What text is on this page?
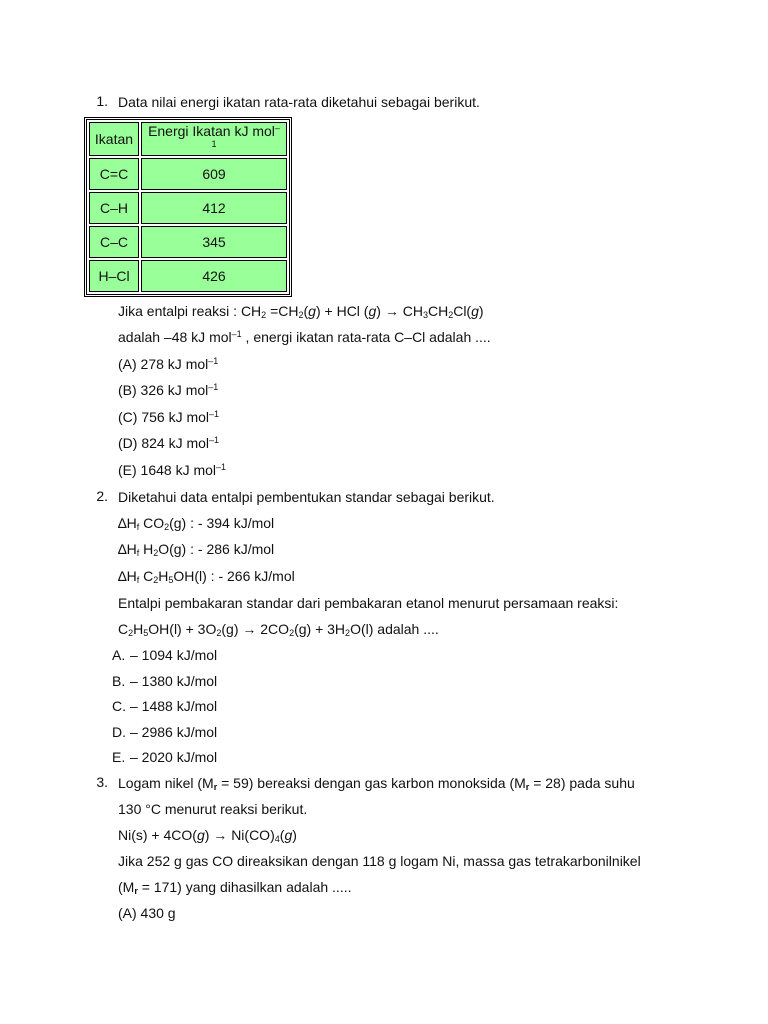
1. Data nilai energi ikatan rata-rata diketahui sebagai berikut.
Ikatan	Energi Ikatan kJ mol$^{-1}$
C=C	609
C–H	412
C–C	345
H–Cl	426
Jika entalpi reaksi : $CH_2 =CH_2(g)$ + HCl $(g) \to CH_3CH_2Cl(g)$
adalah –48 kJ mol$^{-1}$ , energi ikatan rata-rata C–Cl adalah ....
(A) 278 kJ mol$^{-1}$
(B) 326 kJ mol$^{-1}$
(C) 756 kJ mol$^{-1}$
(D) 824 kJ mol$^{-1}$
(E) 1648 kJ mol$^{-1}$
2. Diketahui data entalpi pembentukan standar sebagai berikut.
$\Delta H_f$ $CO_2(g)$ : - 394 kJ/mol
$\Delta H_f$ $H_2O(g)$ : - 286 kJ/mol
$\Delta H_f$ $C_2H_5OH(l)$ : - 266 kJ/mol
Entalpi pembakaran standar dari pembakaran etanol menurut persamaan reaksi:
$C_2H_5OH(l) + 3O_2(g) \to 2CO_2(g) + 3H_2O(l)$ adalah ....
A. – 1094 kJ/mol
B. – 1380 kJ/mol
C. – 1488 kJ/mol
D. – 2986 kJ/mol
E. – 2020 kJ/mol
3. Logam nikel $(M_r = 59)$ bereaksi dengan gas karbon monoksida $(M_r = 28)$ pada suhu
130 °C menurut reaksi berikut.
$Ni(s) + 4CO(g) \to Ni(CO)_4(g)$
Jika 252 g gas CO direaksikan dengan 118 g logam Ni, massa gas tetrakarbonilnikel
$(M_r = 171)$ yang dihasilkan adalah .....
(A) 430 g
